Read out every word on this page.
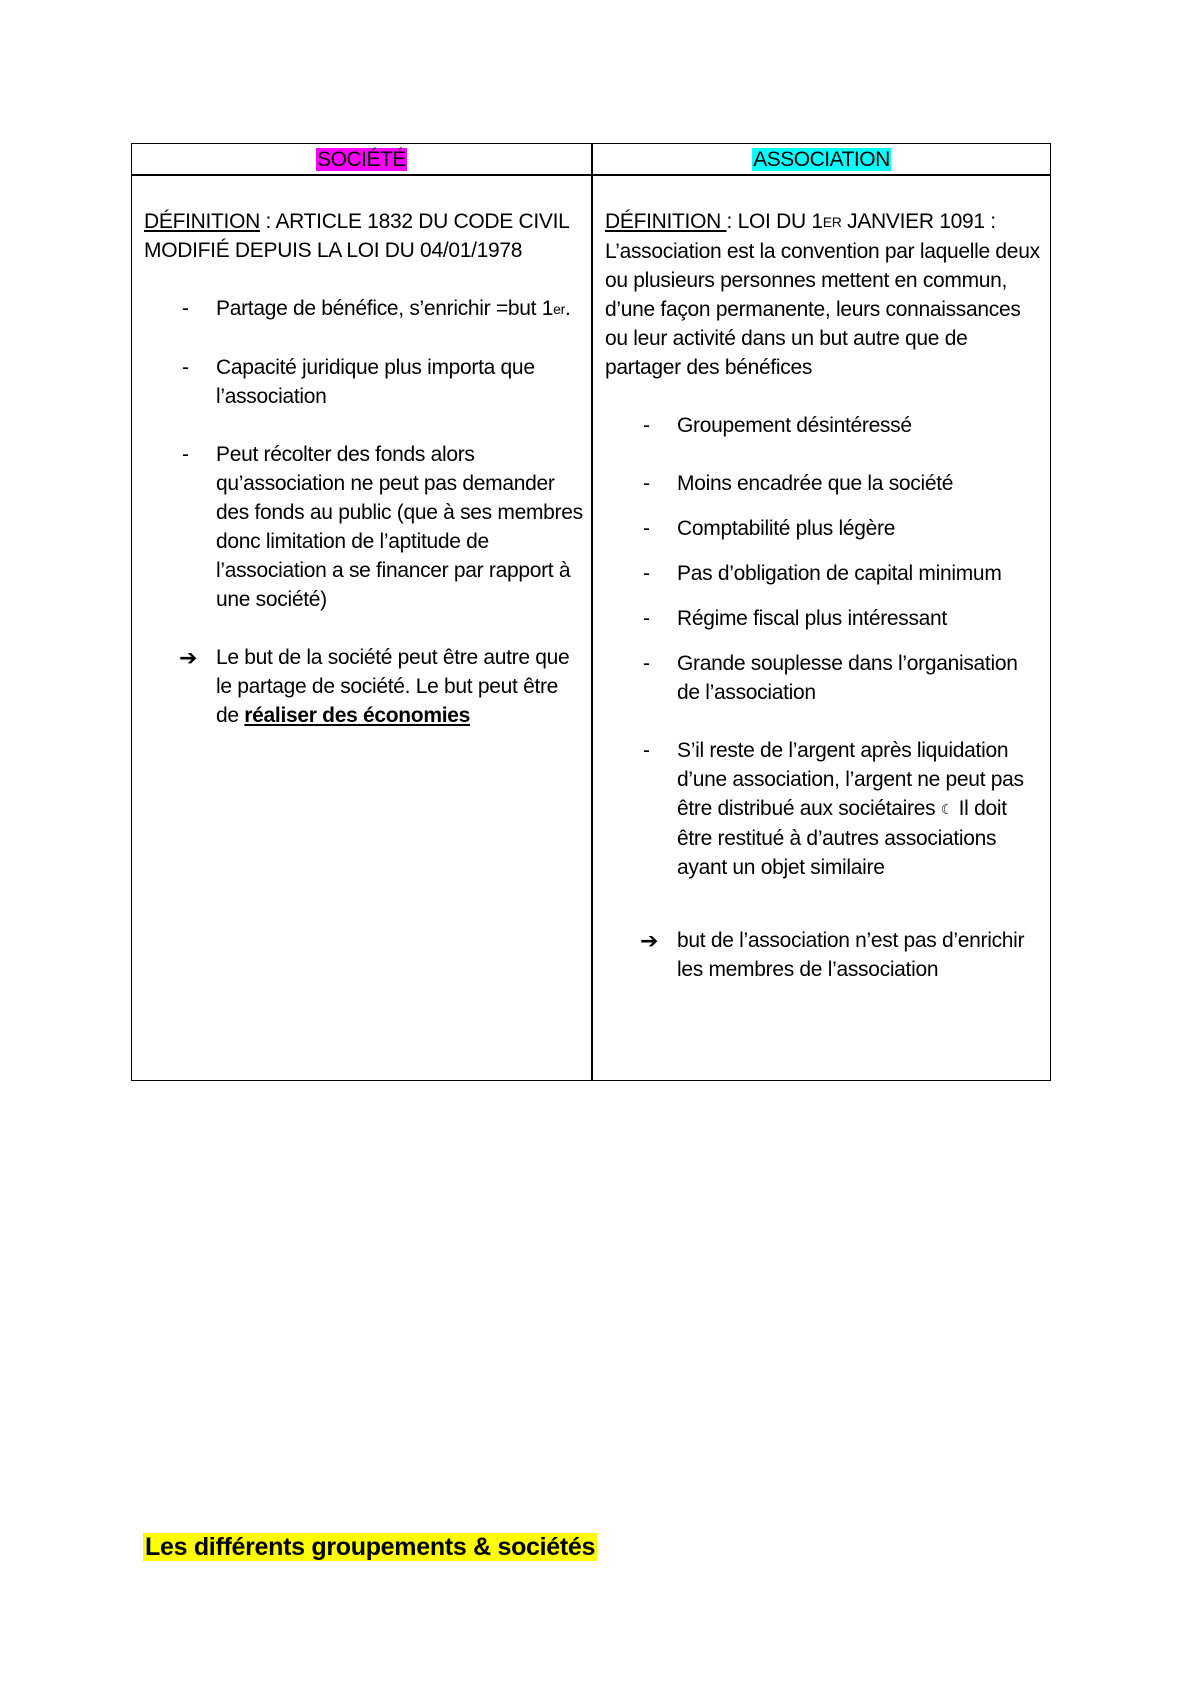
SOCIÉTÉ	ASSOCIATION

DÉFINITION : ARTICLE 1832 DU CODE CIVIL MODIFIÉ DEPUIS LA LOI DU 04/01/1978

- Partage de bénéfice, s’enrichir =but 1er.
- Capacité juridique plus importa que l’association
- Peut récolter des fonds alors qu’association ne peut pas demander des fonds au public (que à ses membres donc limitation de l’aptitude de l’association a se financer par rapport à une société)
➔ Le but de la société peut être autre que le partage de société. Le but peut être de réaliser des économies

DÉFINITION : LOI DU 1ER JANVIER 1091 :

L’association est la convention par laquelle deux ou plusieurs personnes mettent en commun, d’une façon permanente, leurs connaissances ou leur activité dans un but autre que de partager des bénéfices

- Groupement désintéressé
- Moins encadrée que la société
- Comptabilité plus légère
- Pas d’obligation de capital minimum
- Régime fiscal plus intéressant
- Grande souplesse dans l’organisation de l’association
- S’il reste de l’argent après liquidation d’une association, l’argent ne peut pas être distribué aux sociétaires ☾ Il doit être restitué à d’autres associations ayant un objet similaire
➔ but de l’association n’est pas d’enrichir les membres de l’association
Les différents groupements & sociétés
